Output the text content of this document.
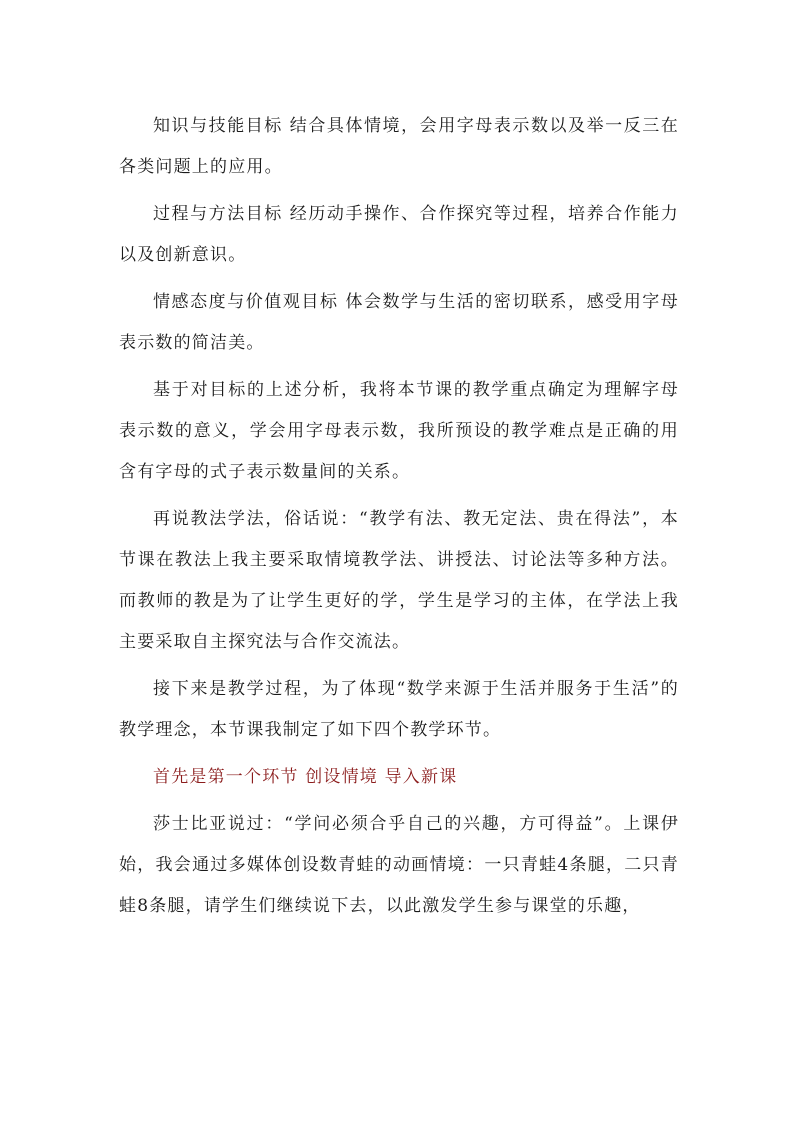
知识与技能目标 结合具体情境，会用字母表示数以及举一反三在各类问题上的应用。

过程与方法目标 经历动手操作、合作探究等过程，培养合作能力以及创新意识。

情感态度与价值观目标 体会数学与生活的密切联系，感受用字母表示数的简洁美。

基于对目标的上述分析，我将本节课的教学重点确定为理解字母表示数的意义，学会用字母表示数，我所预设的教学难点是正确的用含有字母的式子表示数量间的关系。

再说教法学法，俗话说：“教学有法、教无定法、贵在得法”，本节课在教法上我主要采取情境教学法、讲授法、讨论法等多种方法。而教师的教是为了让学生更好的学，学生是学习的主体，在学法上我主要采取自主探究法与合作交流法。

接下来是教学过程，为了体现“数学来源于生活并服务于生活”的教学理念，本节课我制定了如下四个教学环节。

首先是第一个环节 创设情境 导入新课

莎士比亚说过：“学问必须合乎自己的兴趣，方可得益”。上课伊始，我会通过多媒体创设数青蛙的动画情境：一只青蛙4条腿，二只青蛙8条腿，请学生们继续说下去，以此激发学生参与课堂的乐趣，
